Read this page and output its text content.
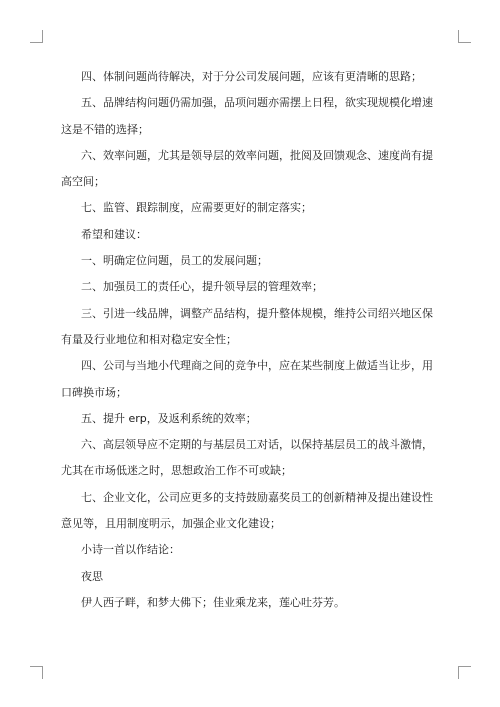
四、体制问题尚待解决，对于分公司发展问题，应该有更清晰的思路；

五、品牌结构问题仍需加强，品项问题亦需摆上日程，欲实现规模化增速这是不错的选择；

六、效率问题，尤其是领导层的效率问题，批阅及回馈观念、速度尚有提高空间；

七、监管、跟踪制度，应需要更好的制定落实；

希望和建议：

一、明确定位问题，员工的发展问题；

二、加强员工的责任心，提升领导层的管理效率；

三、引进一线品牌，调整产品结构，提升整体规模，维持公司绍兴地区保有量及行业地位和相对稳定安全性；

四、公司与当地小代理商之间的竞争中，应在某些制度上做适当让步，用口碑换市场；

五、提升 erp，及返利系统的效率；

六、高层领导应不定期的与基层员工对话，以保持基层员工的战斗激情，尤其在市场低迷之时，思想政治工作不可或缺；

七、企业文化，公司应更多的支持鼓励嘉奖员工的创新精神及提出建设性意见等，且用制度明示，加强企业文化建设；

小诗一首以作结论：

夜思

伊人西子畔，和梦大佛下；佳业乘龙来，莲心吐芬芳。
